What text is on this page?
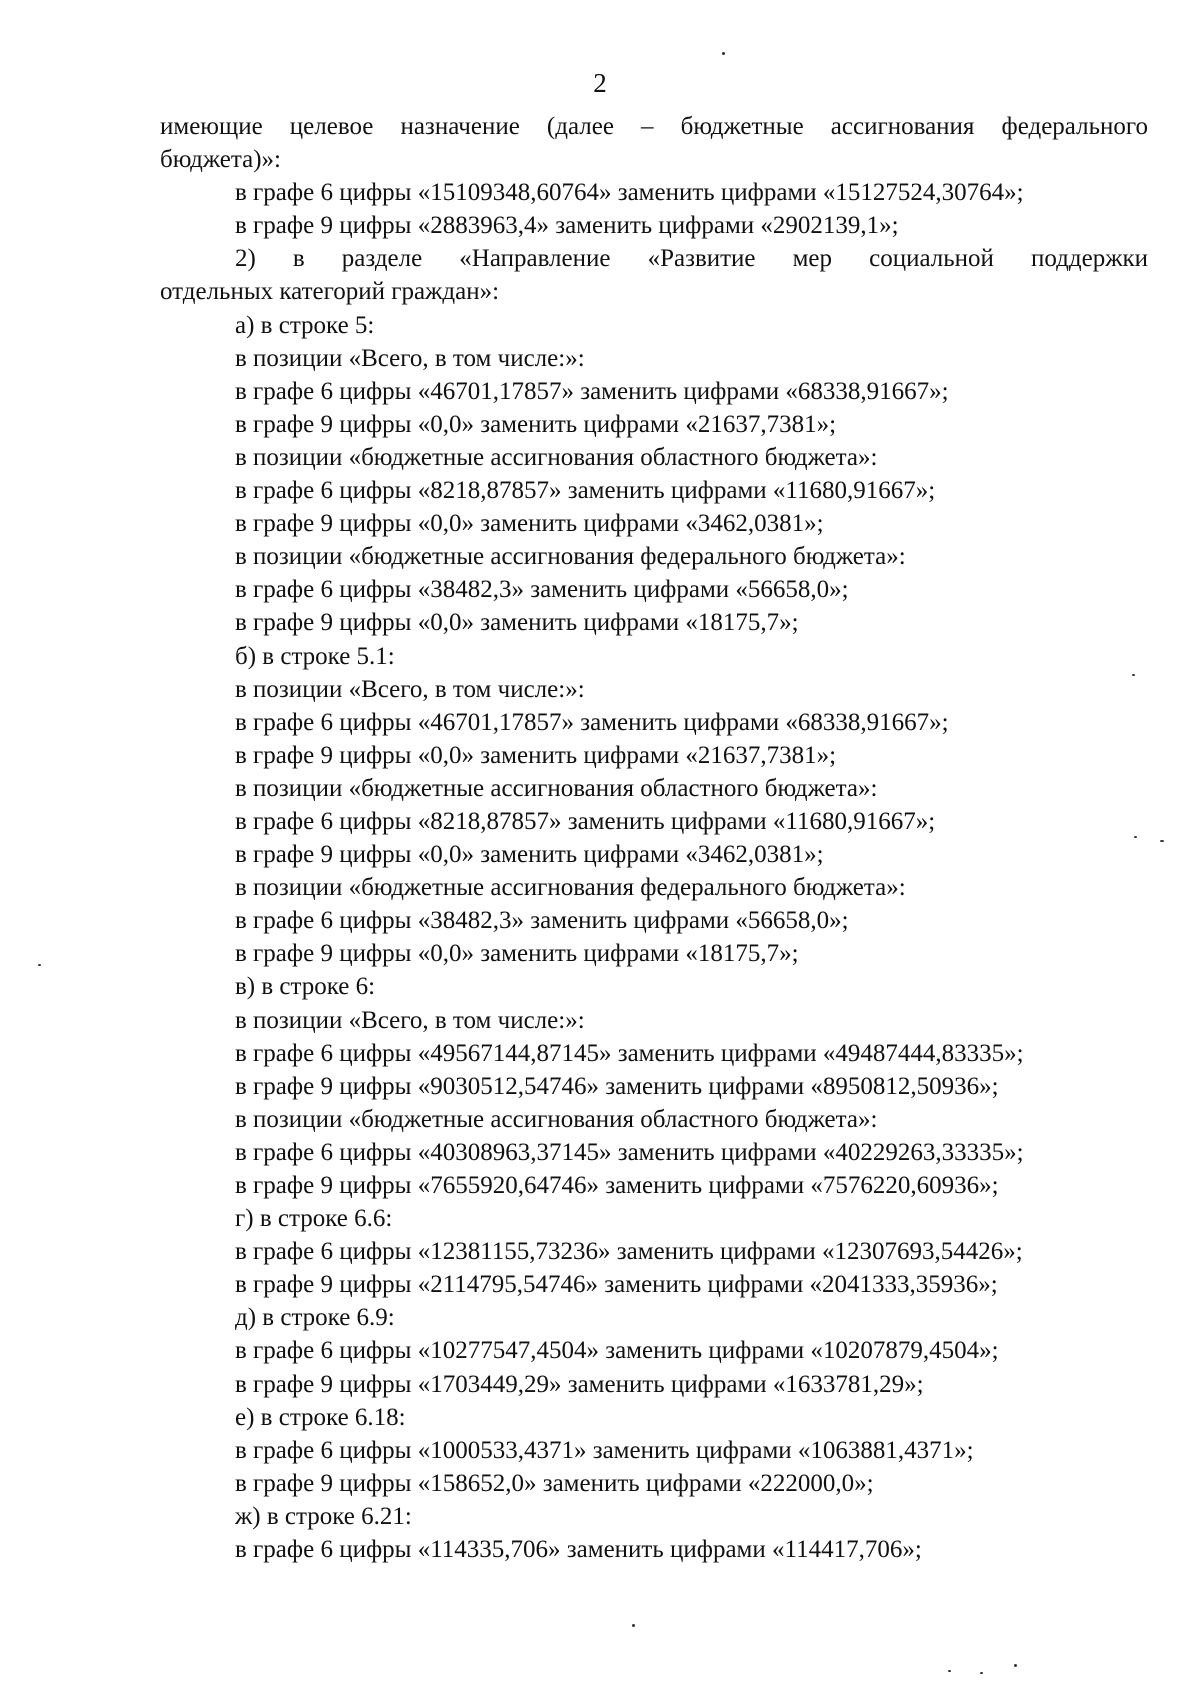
2
имеющие целевое назначение (далее – бюджетные ассигнования федерального
бюджета)»:
в графе 6 цифры «15109348,60764» заменить цифрами «15127524,30764»;
в графе 9 цифры «2883963,4» заменить цифрами «2902139,1»;
2) в разделе «Направление «Развитие мер социальной поддержки
отдельных категорий граждан»:
а) в строке 5:
в позиции «Всего, в том числе:»:
в графе 6 цифры «46701,17857» заменить цифрами «68338,91667»;
в графе 9 цифры «0,0» заменить цифрами «21637,7381»;
в позиции «бюджетные ассигнования областного бюджета»:
в графе 6 цифры «8218,87857» заменить цифрами «11680,91667»;
в графе 9 цифры «0,0» заменить цифрами «3462,0381»;
в позиции «бюджетные ассигнования федерального бюджета»:
в графе 6 цифры «38482,3» заменить цифрами «56658,0»;
в графе 9 цифры «0,0» заменить цифрами «18175,7»;
б) в строке 5.1:
в позиции «Всего, в том числе:»:
в графе 6 цифры «46701,17857» заменить цифрами «68338,91667»;
в графе 9 цифры «0,0» заменить цифрами «21637,7381»;
в позиции «бюджетные ассигнования областного бюджета»:
в графе 6 цифры «8218,87857» заменить цифрами «11680,91667»;
в графе 9 цифры «0,0» заменить цифрами «3462,0381»;
в позиции «бюджетные ассигнования федерального бюджета»:
в графе 6 цифры «38482,3» заменить цифрами «56658,0»;
в графе 9 цифры «0,0» заменить цифрами «18175,7»;
в) в строке 6:
в позиции «Всего, в том числе:»:
в графе 6 цифры «49567144,87145» заменить цифрами «49487444,83335»;
в графе 9 цифры «9030512,54746» заменить цифрами «8950812,50936»;
в позиции «бюджетные ассигнования областного бюджета»:
в графе 6 цифры «40308963,37145» заменить цифрами «40229263,33335»;
в графе 9 цифры «7655920,64746» заменить цифрами «7576220,60936»;
г) в строке 6.6:
в графе 6 цифры «12381155,73236» заменить цифрами «12307693,54426»;
в графе 9 цифры «2114795,54746» заменить цифрами «2041333,35936»;
д) в строке 6.9:
в графе 6 цифры «10277547,4504» заменить цифрами «10207879,4504»;
в графе 9 цифры «1703449,29» заменить цифрами «1633781,29»;
е) в строке 6.18:
в графе 6 цифры «1000533,4371» заменить цифрами «1063881,4371»;
в графе 9 цифры «158652,0» заменить цифрами «222000,0»;
ж) в строке 6.21:
в графе 6 цифры «114335,706» заменить цифрами «114417,706»;
